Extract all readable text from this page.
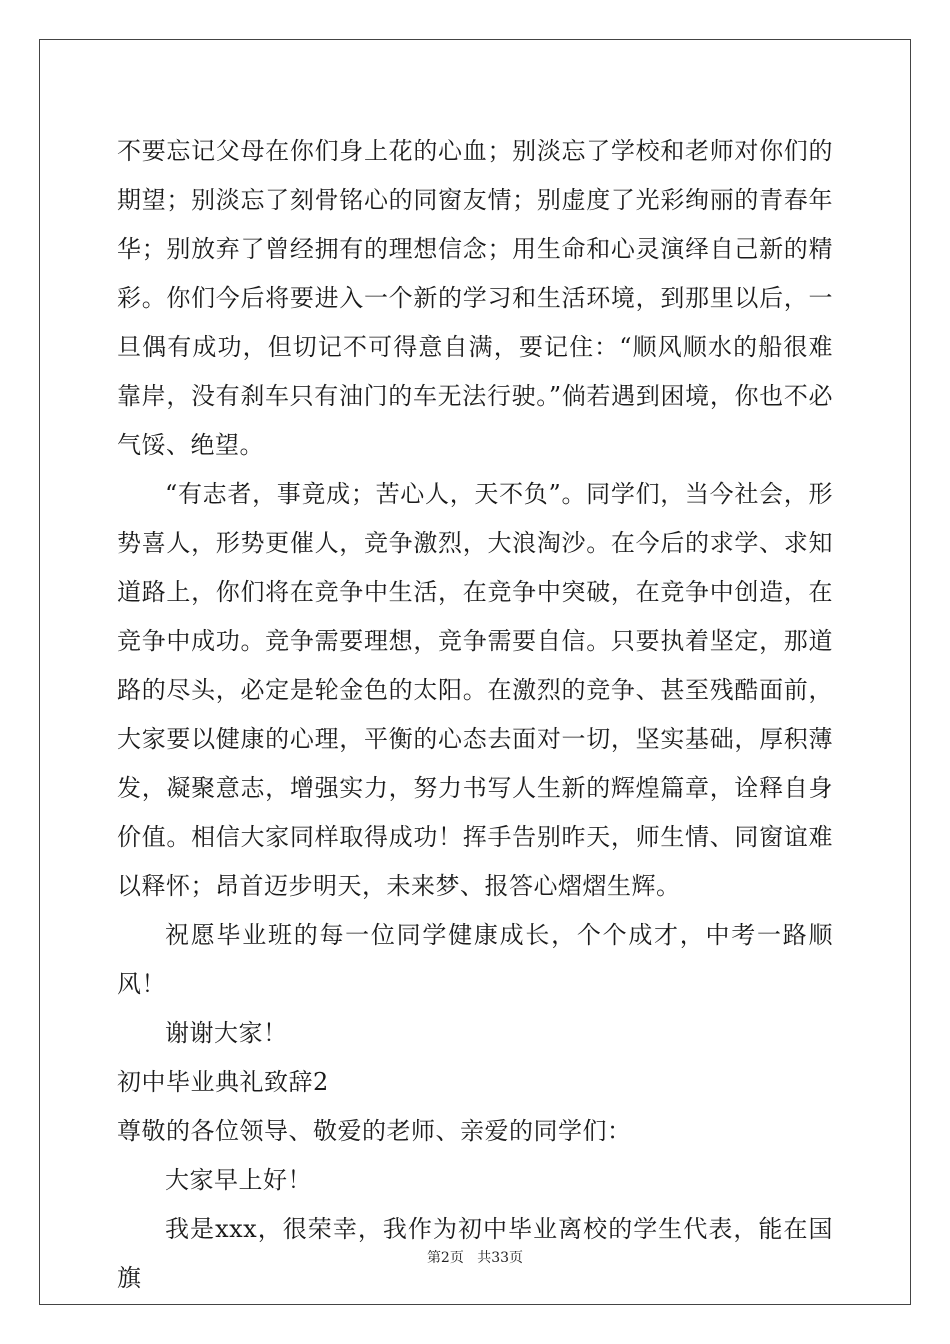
不要忘记父母在你们身上花的心血；别淡忘了学校和老师对你们的期望；别淡忘了刻骨铭心的同窗友情；别虚度了光彩绚丽的青春年华；别放弃了曾经拥有的理想信念；用生命和心灵演绎自己新的精彩。你们今后将要进入一个新的学习和生活环境，到那里以后，一旦偶有成功，但切记不可得意自满，要记住：“顺风顺水的船很难靠岸，没有刹车只有油门的车无法行驶。”倘若遇到困境，你也不必气馁、绝望。

“有志者，事竟成；苦心人，天不负”。同学们，当今社会，形势喜人，形势更催人，竞争激烈，大浪淘沙。在今后的求学、求知道路上，你们将在竞争中生活，在竞争中突破，在竞争中创造，在竞争中成功。竞争需要理想，竞争需要自信。只要执着坚定，那道路的尽头，必定是轮金色的太阳。在激烈的竞争、甚至残酷面前，大家要以健康的心理，平衡的心态去面对一切，坚实基础，厚积薄发，凝聚意志，增强实力，努力书写人生新的辉煌篇章，诠释自身价值。相信大家同样取得成功！挥手告别昨天，师生情、同窗谊难以释怀；昂首迈步明天，未来梦、报答心熠熠生辉。

祝愿毕业班的每一位同学健康成长，个个成才，中考一路顺风！

谢谢大家！

初中毕业典礼致辞2

尊敬的各位领导、敬爱的老师、亲爱的同学们：

大家早上好！

我是xxx，很荣幸，我作为初中毕业离校的学生代表，能在国旗

第2页 共33页
